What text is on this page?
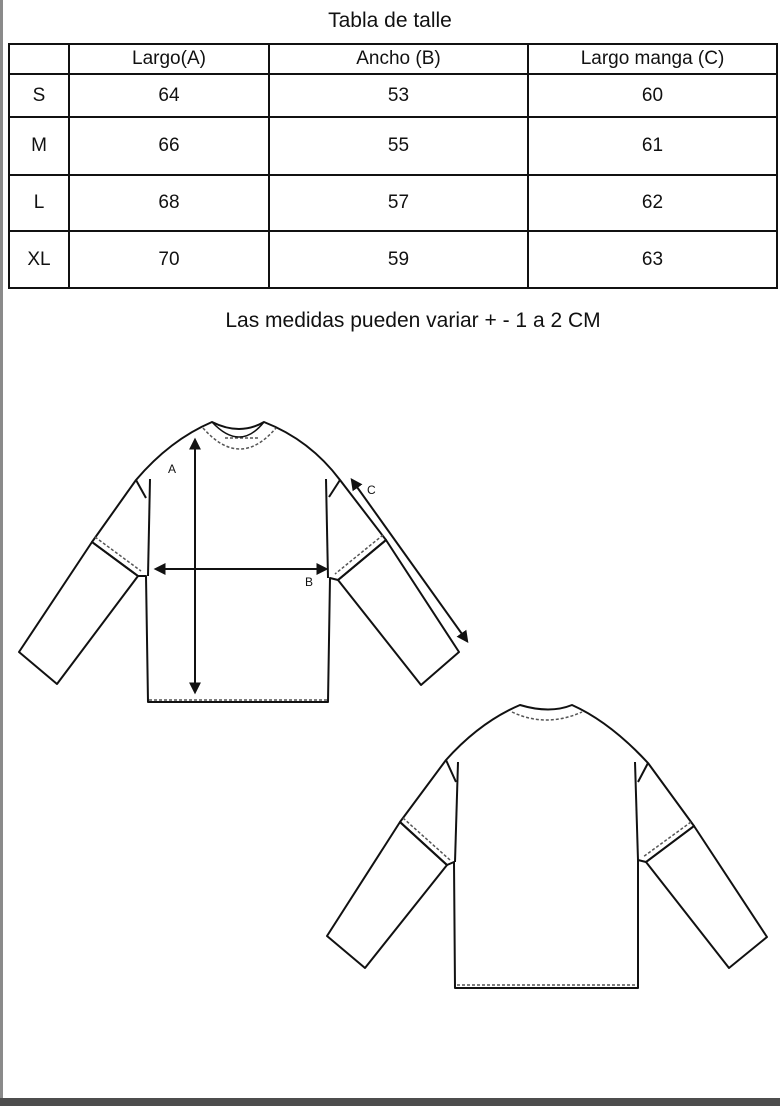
Tabla de talle
	Largo(A)	Ancho (B)	Largo manga (C)
S	64	53	60
M	66	55	61
L	68	57	62
XL	70	59	63
Las medidas pueden variar + - 1 a 2 CM
A
B
C
